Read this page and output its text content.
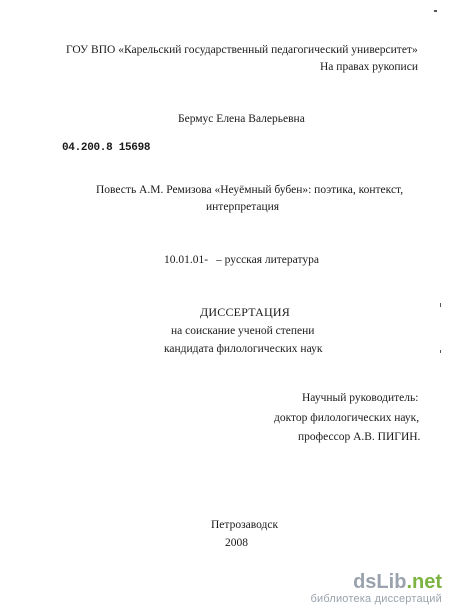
ГОУ ВПО «Карельский государственный педагогический университет»
На правах рукописи
Бермус Елена Валерьевна
04.200.8 15698
Повесть А.М. Ремизова «Неуёмный бубен»: поэтика, контекст,
интерпретация
10.01.01- – русская литература
ДИССЕРТАЦИЯ
на соискание ученой степени
кандидата филологических наук
Научный руководитель:
доктор филологических наук,
профессор А.В. ПИГИН.
Петрозаводск
2008
dsLib.net
библиотека диссертаций
